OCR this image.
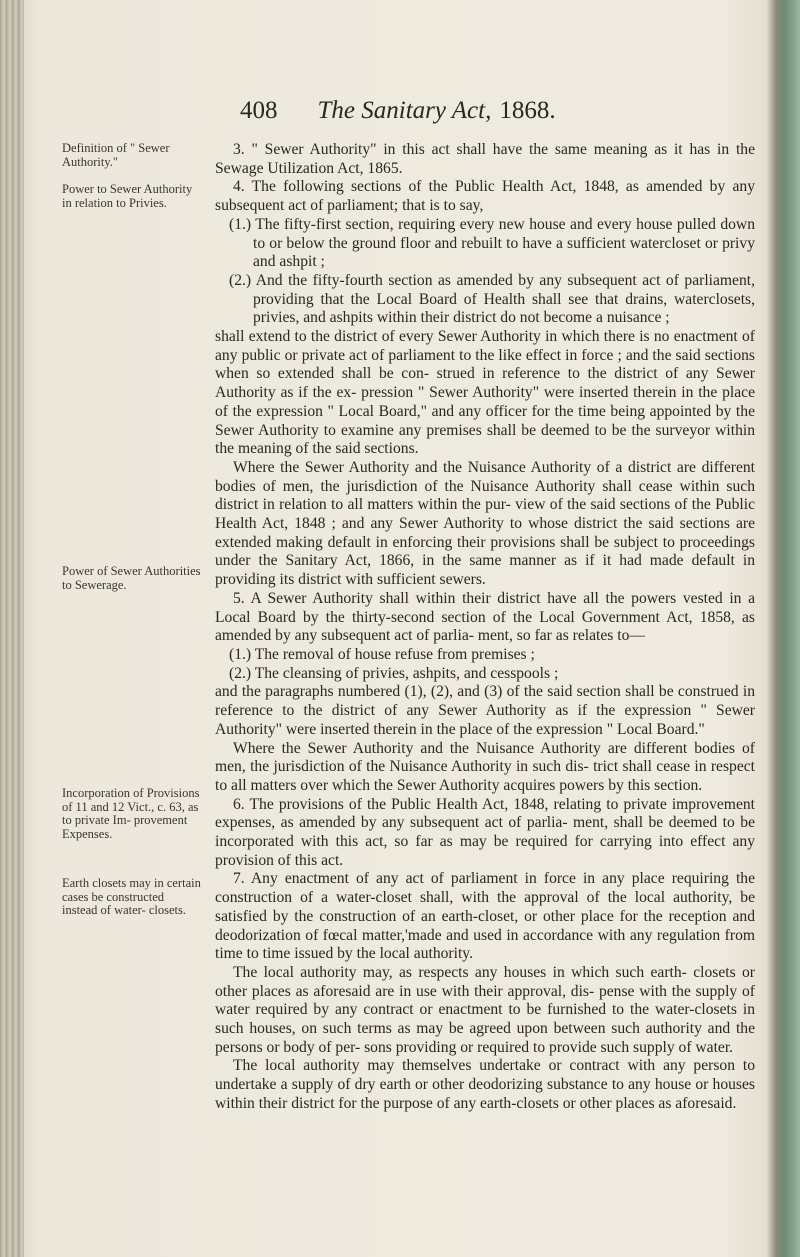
408 The Sanitary Act, 1868.
Definition of " Sewer Authority."
Power to Sewer Authority in relation to Privies.
Power of Sewer Authorities to Sewerage.
Incorporation of Provisions of 11 and 12 Vict., c. 63, as to private Im- provement Expenses.
Earth closets may in certain cases be constructed instead of water- closets.

3. " Sewer Authority" in this act shall have the same meaning as it has in the Sewage Utilization Act, 1865.

4. The following sections of the Public Health Act, 1848, as amended by any subsequent act of parliament; that is to say,

(1.) The fifty-first section, requiring every new house and every house pulled down to or below the ground floor and rebuilt to have a sufficient watercloset or privy and ashpit ;

(2.) And the fifty-fourth section as amended by any subsequent act of parliament, providing that the Local Board of Health shall see that drains, waterclosets, privies, and ashpits within their district do not become a nuisance ;

shall extend to the district of every Sewer Authority in which there is no enactment of any public or private act of parliament to the like effect in force ; and the said sections when so extended shall be con- strued in reference to the district of any Sewer Authority as if the ex- pression " Sewer Authority" were inserted therein in the place of the expression " Local Board," and any officer for the time being appointed by the Sewer Authority to examine any premises shall be deemed to be the surveyor within the meaning of the said sections.

Where the Sewer Authority and the Nuisance Authority of a district are different bodies of men, the jurisdiction of the Nuisance Authority shall cease within such district in relation to all matters within the pur- view of the said sections of the Public Health Act, 1848 ; and any Sewer Authority to whose district the said sections are extended making default in enforcing their provisions shall be subject to proceedings under the Sanitary Act, 1866, in the same manner as if it had made default in providing its district with sufficient sewers.

5. A Sewer Authority shall within their district have all the powers vested in a Local Board by the thirty-second section of the Local Government Act, 1858, as amended by any subsequent act of parlia- ment, so far as relates to—

(1.) The removal of house refuse from premises ;

(2.) The cleansing of privies, ashpits, and cesspools ;

and the paragraphs numbered (1), (2), and (3) of the said section shall be construed in reference to the district of any Sewer Authority as if the expression " Sewer Authority" were inserted therein in the place of the expression " Local Board."

Where the Sewer Authority and the Nuisance Authority are different bodies of men, the jurisdiction of the Nuisance Authority in such dis- trict shall cease in respect to all matters over which the Sewer Authority acquires powers by this section.

6. The provisions of the Public Health Act, 1848, relating to private improvement expenses, as amended by any subsequent act of parlia- ment, shall be deemed to be incorporated with this act, so far as may be required for carrying into effect any provision of this act.

7. Any enactment of any act of parliament in force in any place requiring the construction of a water-closet shall, with the approval of the local authority, be satisfied by the construction of an earth-closet, or other place for the reception and deodorization of fœcal matter,'made and used in accordance with any regulation from time to time issued by the local authority.

The local authority may, as respects any houses in which such earth- closets or other places as aforesaid are in use with their approval, dis- pense with the supply of water required by any contract or enactment to be furnished to the water-closets in such houses, on such terms as may be agreed upon between such authority and the persons or body of per- sons providing or required to provide such supply of water.

The local authority may themselves undertake or contract with any person to undertake a supply of dry earth or other deodorizing substance to any house or houses within their district for the purpose of any earth-closets or other places as aforesaid.
